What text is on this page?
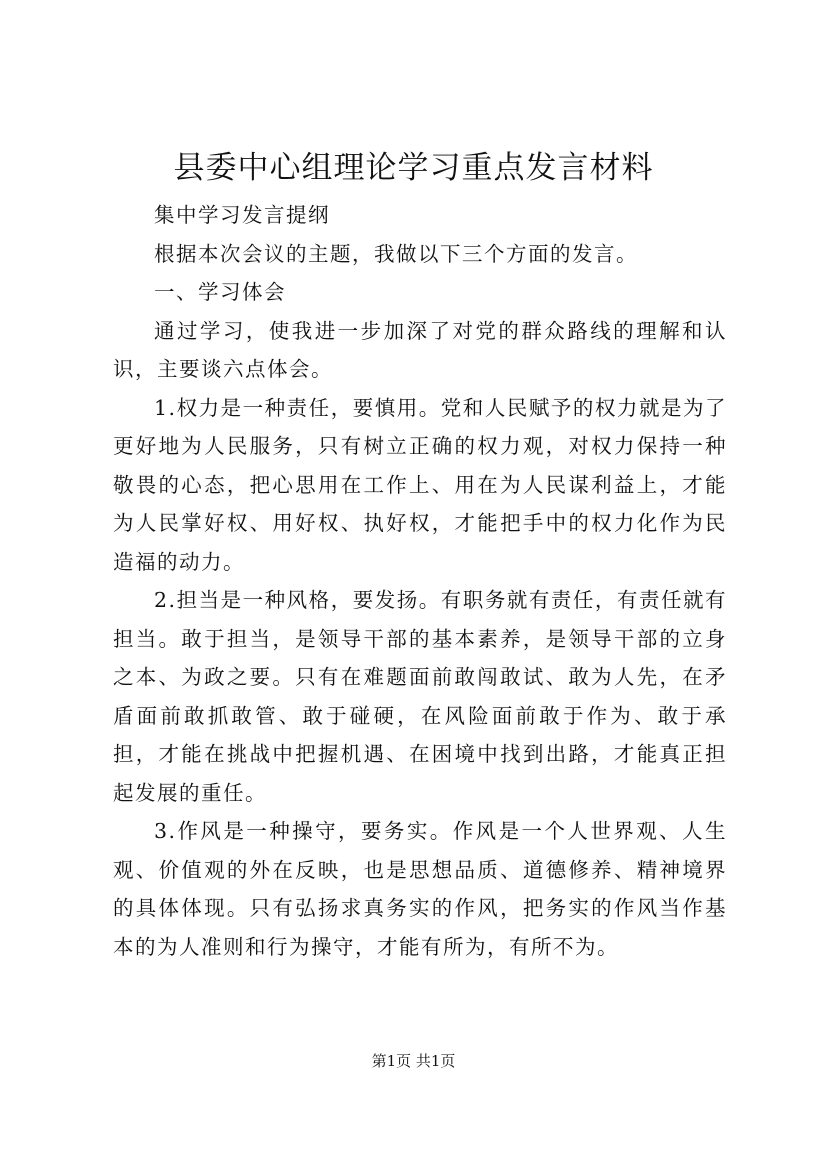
县委中心组理论学习重点发言材料

集中学习发言提纲

根据本次会议的主题，我做以下三个方面的发言。

一、学习体会

通过学习，使我进一步加深了对党的群众路线的理解和认识，主要谈六点体会。

1.权力是一种责任，要慎用。党和人民赋予的权力就是为了更好地为人民服务，只有树立正确的权力观，对权力保持一种敬畏的心态，把心思用在工作上、用在为人民谋利益上，才能为人民掌好权、用好权、执好权，才能把手中的权力化作为民造福的动力。

2.担当是一种风格，要发扬。有职务就有责任，有责任就有担当。敢于担当，是领导干部的基本素养，是领导干部的立身之本、为政之要。只有在难题面前敢闯敢试、敢为人先，在矛盾面前敢抓敢管、敢于碰硬，在风险面前敢于作为、敢于承担，才能在挑战中把握机遇、在困境中找到出路，才能真正担起发展的重任。

3.作风是一种操守，要务实。作风是一个人世界观、人生观、价值观的外在反映，也是思想品质、道德修养、精神境界的具体体现。只有弘扬求真务实的作风，把务实的作风当作基本的为人准则和行为操守，才能有所为，有所不为。

第1页 共1页
